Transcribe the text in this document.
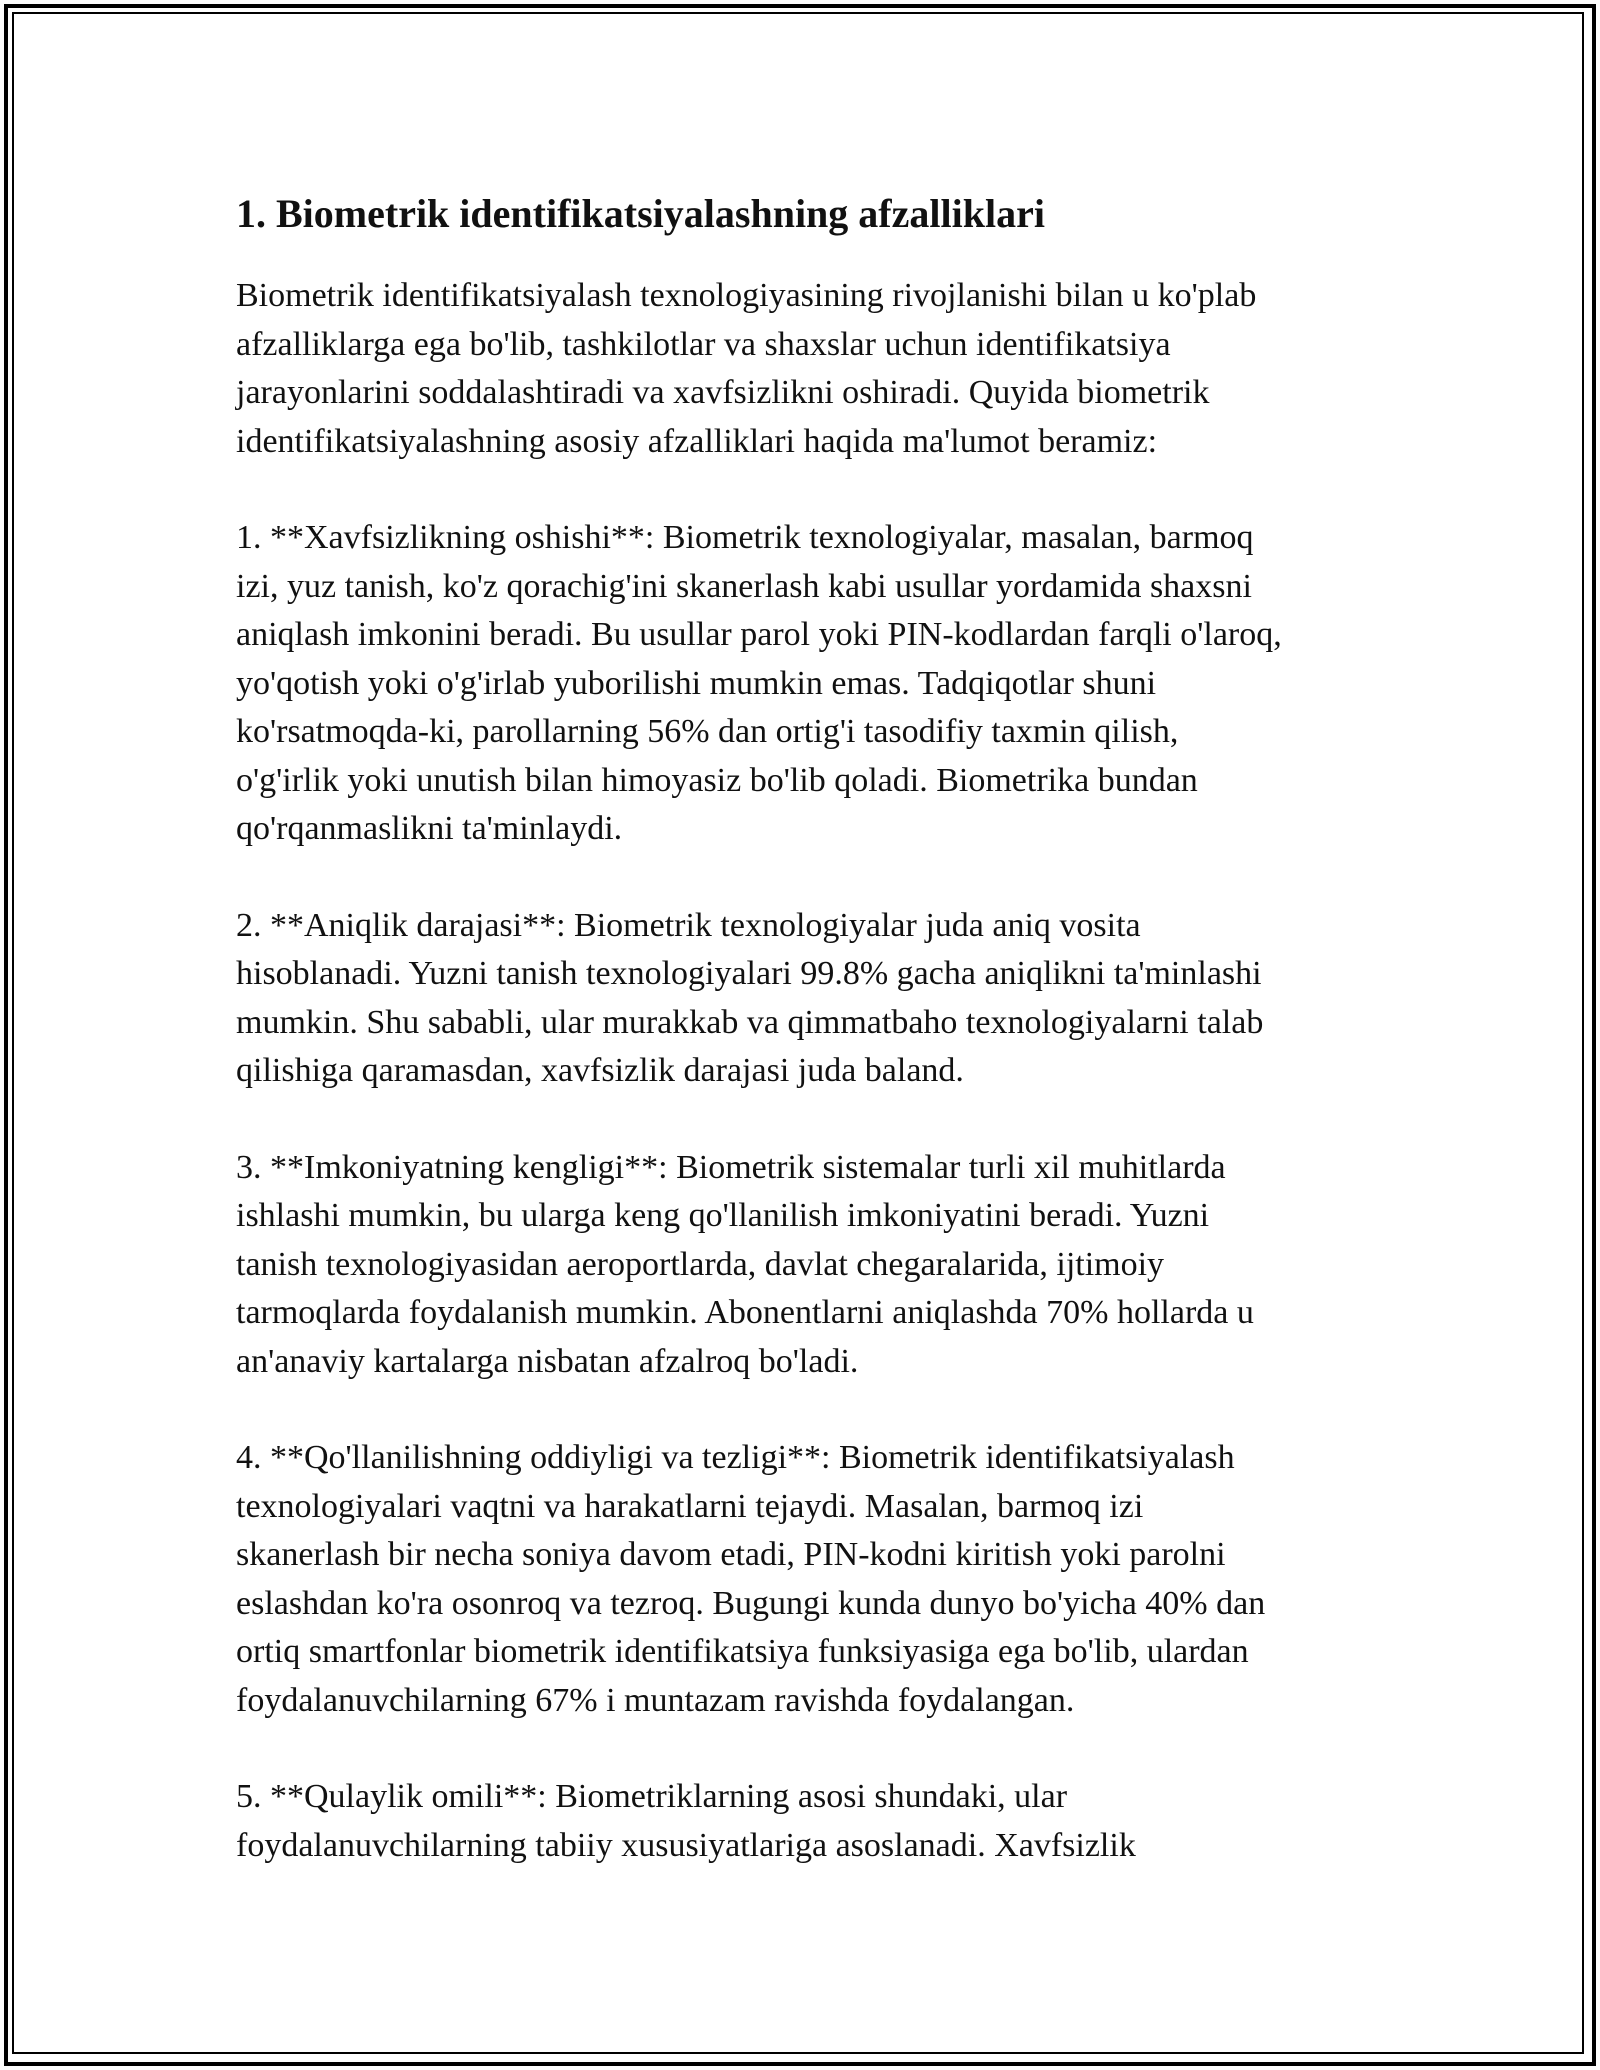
1. Biometrik identifikatsiyalashning afzalliklari
Biometrik identifikatsiyalash texnologiyasining rivojlanishi bilan u ko'plab
afzalliklarga ega bo'lib, tashkilotlar va shaxslar uchun identifikatsiya
jarayonlarini soddalashtiradi va xavfsizlikni oshiradi. Quyida biometrik
identifikatsiyalashning asosiy afzalliklari haqida ma'lumot beramiz:
1. **Xavfsizlikning oshishi**: Biometrik texnologiyalar, masalan, barmoq
izi, yuz tanish, ko'z qorachig'ini skanerlash kabi usullar yordamida shaxsni
aniqlash imkonini beradi. Bu usullar parol yoki PIN-kodlardan farqli o'laroq,
yo'qotish yoki o'g'irlab yuborilishi mumkin emas. Tadqiqotlar shuni
ko'rsatmoqda-ki, parollarning 56% dan ortig'i tasodifiy taxmin qilish,
o'g'irlik yoki unutish bilan himoyasiz bo'lib qoladi. Biometrika bundan
qo'rqanmaslikni ta'minlaydi.
2. **Aniqlik darajasi**: Biometrik texnologiyalar juda aniq vosita
hisoblanadi. Yuzni tanish texnologiyalari 99.8% gacha aniqlikni ta'minlashi
mumkin. Shu sababli, ular murakkab va qimmatbaho texnologiyalarni talab
qilishiga qaramasdan, xavfsizlik darajasi juda baland.
3. **Imkoniyatning kengligi**: Biometrik sistemalar turli xil muhitlarda
ishlashi mumkin, bu ularga keng qo'llanilish imkoniyatini beradi. Yuzni
tanish texnologiyasidan aeroportlarda, davlat chegaralarida, ijtimoiy
tarmoqlarda foydalanish mumkin. Abonentlarni aniqlashda 70% hollarda u
an'anaviy kartalarga nisbatan afzalroq bo'ladi.
4. **Qo'llanilishning oddiyligi va tezligi**: Biometrik identifikatsiyalash
texnologiyalari vaqtni va harakatlarni tejaydi. Masalan, barmoq izi
skanerlash bir necha soniya davom etadi, PIN-kodni kiritish yoki parolni
eslashdan ko'ra osonroq va tezroq. Bugungi kunda dunyo bo'yicha 40% dan
ortiq smartfonlar biometrik identifikatsiya funksiyasiga ega bo'lib, ulardan
foydalanuvchilarning 67% i muntazam ravishda foydalangan.
5. **Qulaylik omili**: Biometriklarning asosi shundaki, ular
foydalanuvchilarning tabiiy xususiyatlariga asoslanadi. Xavfsizlik
